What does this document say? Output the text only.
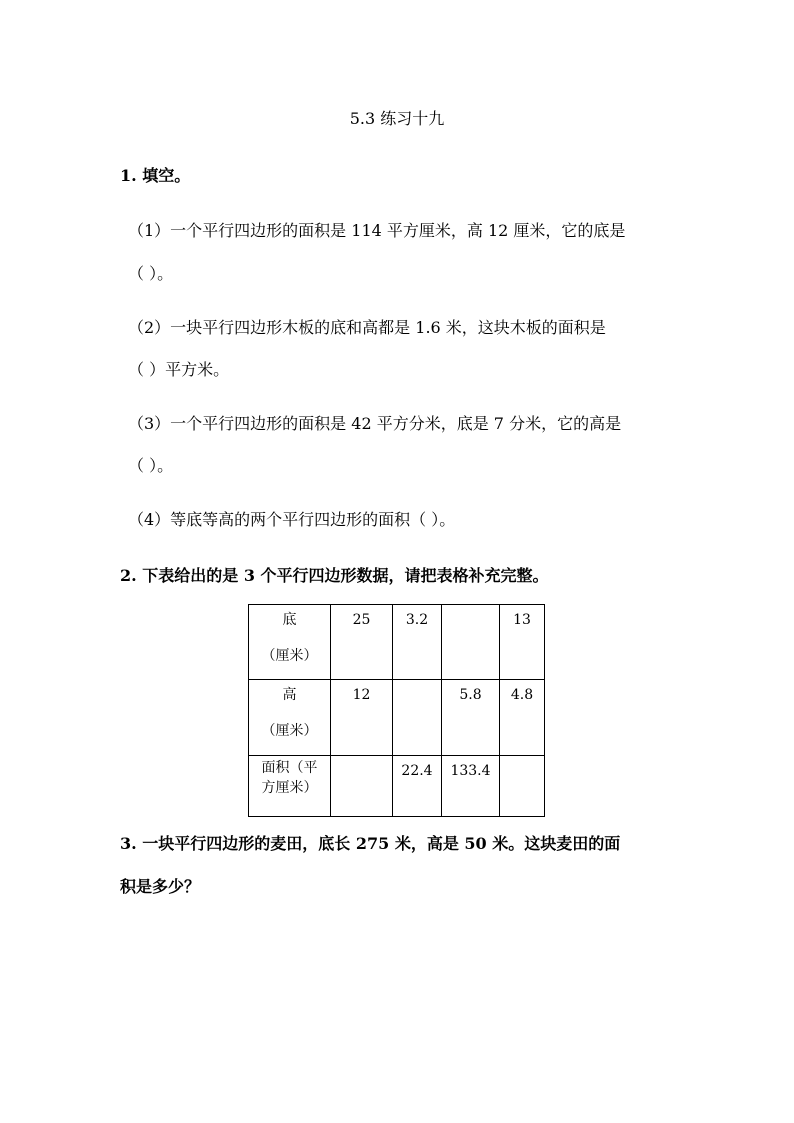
5.3 练习十九
1. 填空。
（1）一个平行四边形的面积是 114 平方厘米，高 12 厘米，它的底是
（ ）。
（2）一块平行四边形木板的底和高都是 1.6 米，这块木板的面积是
（ ）平方米。
（3）一个平行四边形的面积是 42 平方分米，底是 7 分米，它的高是
（ ）。
（4）等底等高的两个平行四边形的面积（ ）。
2. 下表给出的是 3 个平行四边形数据，请把表格补充完整。
底
（厘米）	25	3.2		13

高
（厘米）	12		5.8	4.8

面积（平
方厘米）		22.4	133.4	

3. 一块平行四边形的麦田，底长 275 米，高是 50 米。这块麦田的面
积是多少？
